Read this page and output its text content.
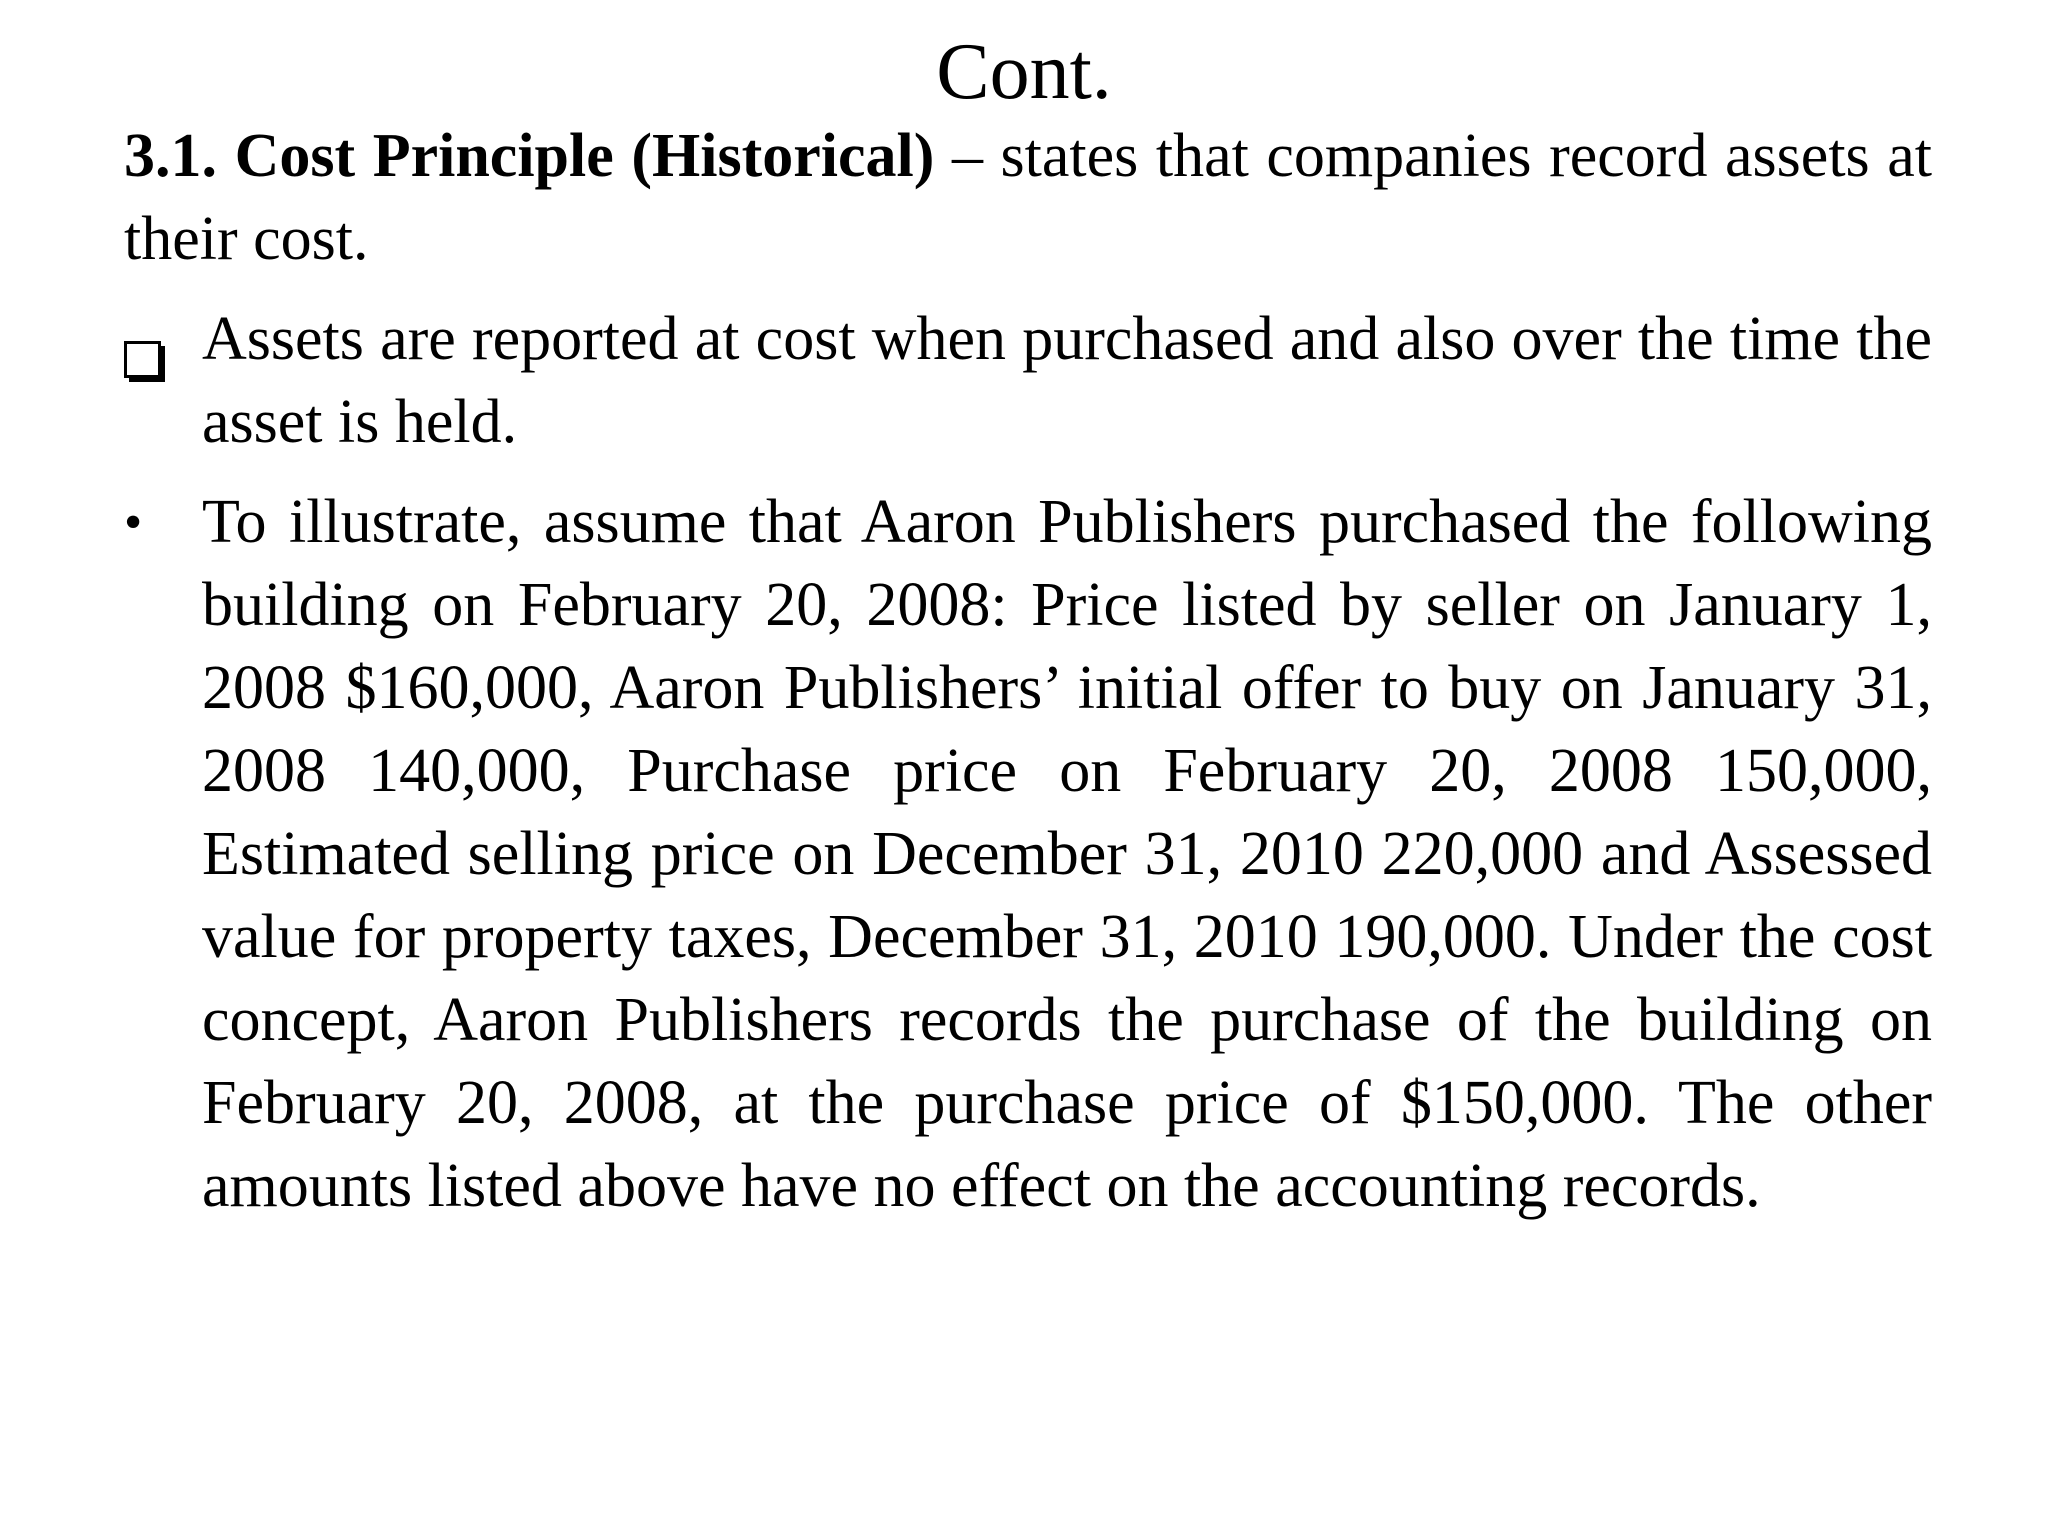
Cont.

3.1. Cost Principle (Historical) – states that companies record assets at their cost.

Assets are reported at cost when purchased and also over the time the asset is held.
• To illustrate, assume that Aaron Publishers purchased the following building on February 20, 2008: Price listed by seller on January 1, 2008 $160,000, Aaron Publishers’ initial offer to buy on January 31, 2008 140,000, Purchase price on February 20, 2008 150,000, Estimated selling price on December 31, 2010 220,000 and Assessed value for property taxes, December 31, 2010 190,000. Under the cost concept, Aaron Publishers records the purchase of the building on February 20, 2008, at the purchase price of $150,000. The other amounts listed above have no effect on the accounting records.
